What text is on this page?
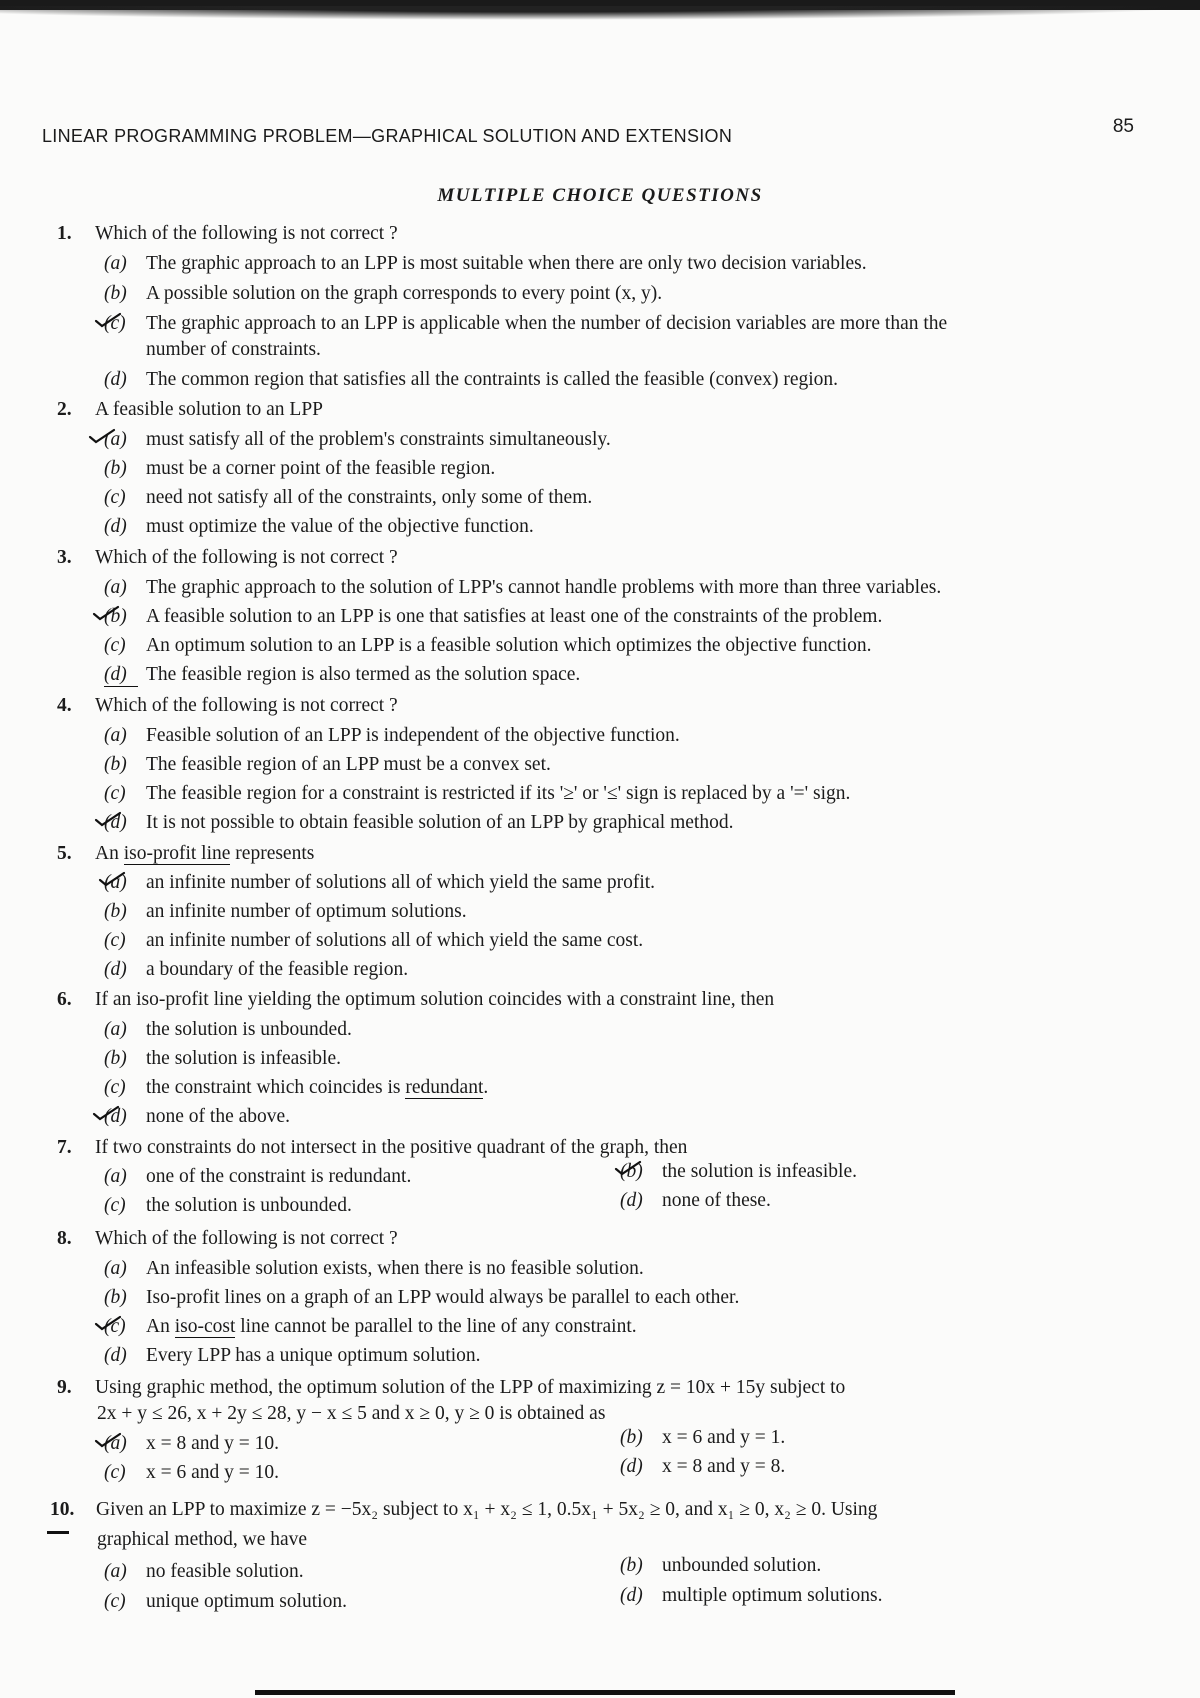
LINEAR PROGRAMMING PROBLEM—GRAPHICAL SOLUTION AND EXTENSION	85
MULTIPLE CHOICE QUESTIONS
1. Which of the following is not correct ?
(a) The graphic approach to an LPP is most suitable when there are only two decision variables.
(b) A possible solution on the graph corresponds to every point (x, y).
(c) The graphic approach to an LPP is applicable when the number of decision variables are more than the
number of constraints.
(d) The common region that satisfies all the contraints is called the feasible (convex) region.
2. A feasible solution to an LPP
(a) must satisfy all of the problem's constraints simultaneously.
(b) must be a corner point of the feasible region.
(c) need not satisfy all of the constraints, only some of them.
(d) must optimize the value of the objective function.
3. Which of the following is not correct ?
(a) The graphic approach to the solution of LPP's cannot handle problems with more than three variables.
(b) A feasible solution to an LPP is one that satisfies at least one of the constraints of the problem.
(c) An optimum solution to an LPP is a feasible solution which optimizes the objective function.
(d) The feasible region is also termed as the solution space.
4. Which of the following is not correct ?
(a) Feasible solution of an LPP is independent of the objective function.
(b) The feasible region of an LPP must be a convex set.
(c) The feasible region for a constraint is restricted if its '≥' or '≤' sign is replaced by a '=' sign.
(d) It is not possible to obtain feasible solution of an LPP by graphical method.
5. An iso-profit line represents
(a) an infinite number of solutions all of which yield the same profit.
(b) an infinite number of optimum solutions.
(c) an infinite number of solutions all of which yield the same cost.
(d) a boundary of the feasible region.
6. If an iso-profit line yielding the optimum solution coincides with a constraint line, then
(a) the solution is unbounded.
(b) the solution is infeasible.
(c) the constraint which coincides is redundant.
(d) none of the above.
7. If two constraints do not intersect in the positive quadrant of the graph, then
(a) one of the constraint is redundant.	(b) the solution is infeasible.
(c) the solution is unbounded.	(d) none of these.
8. Which of the following is not correct ?
(a) An infeasible solution exists, when there is no feasible solution.
(b) Iso-profit lines on a graph of an LPP would always be parallel to each other.
(c) An iso-cost line cannot be parallel to the line of any constraint.
(d) Every LPP has a unique optimum solution.
9. Using graphic method, the optimum solution of the LPP of maximizing z = 10x + 15y subject to
2x + y ≤ 26, x + 2y ≤ 28, y − x ≤ 5 and x ≥ 0, y ≥ 0 is obtained as
(a) x = 8 and y = 10.	(b) x = 6 and y = 1.
(c) x = 6 and y = 10.	(d) x = 8 and y = 8.
10. Given an LPP to maximize z = −5x₂ subject to x₁ + x₂ ≤ 1, 0.5x₁ + 5x₂ ≥ 0, and x₁ ≥ 0, x₂ ≥ 0. Using
graphical method, we have
(a) no feasible solution.	(b) unbounded solution.
(c) unique optimum solution.	(d) multiple optimum solutions.
